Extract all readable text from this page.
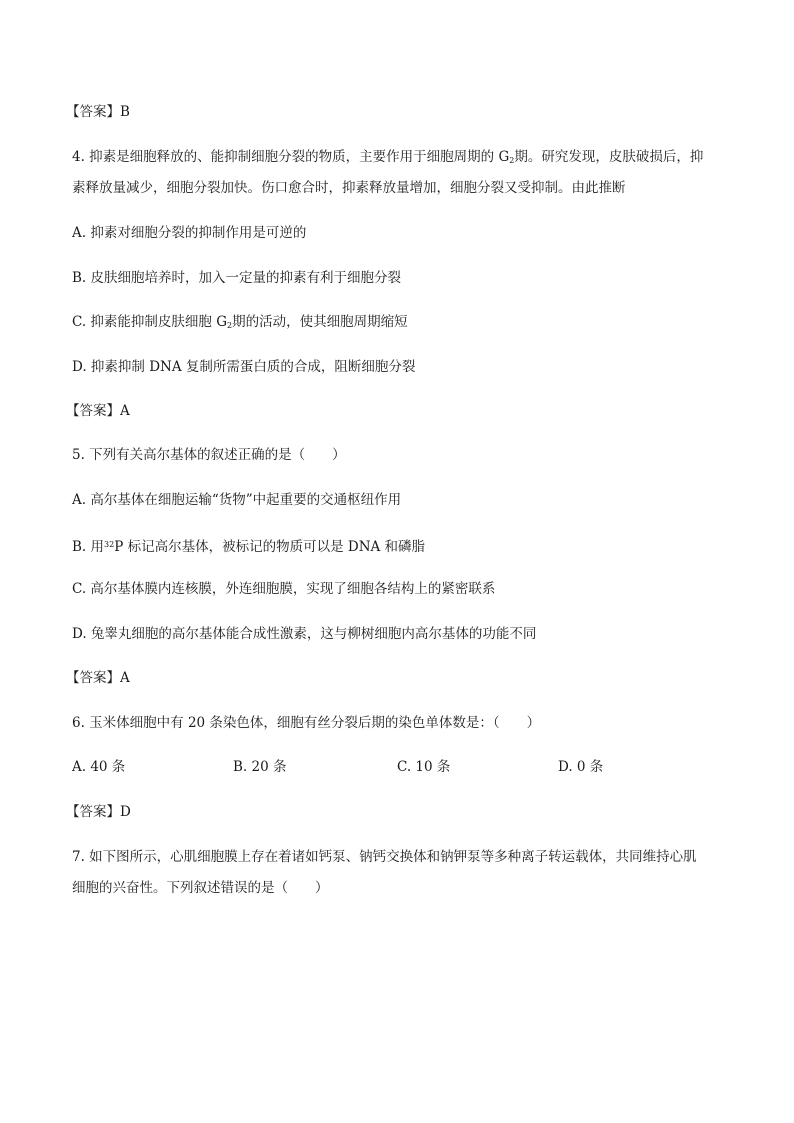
【答案】B
4. 抑素是细胞释放的、能抑制细胞分裂的物质，主要作用于细胞周期的 $G_2$期。研究发现，皮肤破损后，抑
素释放量减少，细胞分裂加快。伤口愈合时，抑素释放量增加，细胞分裂又受抑制。由此推断
A. 抑素对细胞分裂的抑制作用是可逆的
B. 皮肤细胞培养时，加入一定量的抑素有利于细胞分裂
C. 抑素能抑制皮肤细胞 $G_2$期的活动，使其细胞周期缩短
D. 抑素抑制 DNA 复制所需蛋白质的合成，阻断细胞分裂
【答案】A
5. 下列有关高尔基体的叙述正确的是（　　）
A. 高尔基体在细胞运输“货物”中起重要的交通枢纽作用
B. 用$^{32}$P 标记高尔基体，被标记的物质可以是 DNA 和磷脂
C. 高尔基体膜内连核膜，外连细胞膜，实现了细胞各结构上的紧密联系
D. 兔睾丸细胞的高尔基体能合成性激素，这与柳树细胞内高尔基体的功能不同
【答案】A
6. 玉米体细胞中有 20 条染色体，细胞有丝分裂后期的染色单体数是：（　　）
A. 40 条	B. 20 条	C. 10 条	D. 0 条
【答案】D
7. 如下图所示，心肌细胞膜上存在着诸如钙泵、钠钙交换体和钠钾泵等多种离子转运载体，共同维持心肌
细胞的兴奋性。下列叙述错误的是（　　）
